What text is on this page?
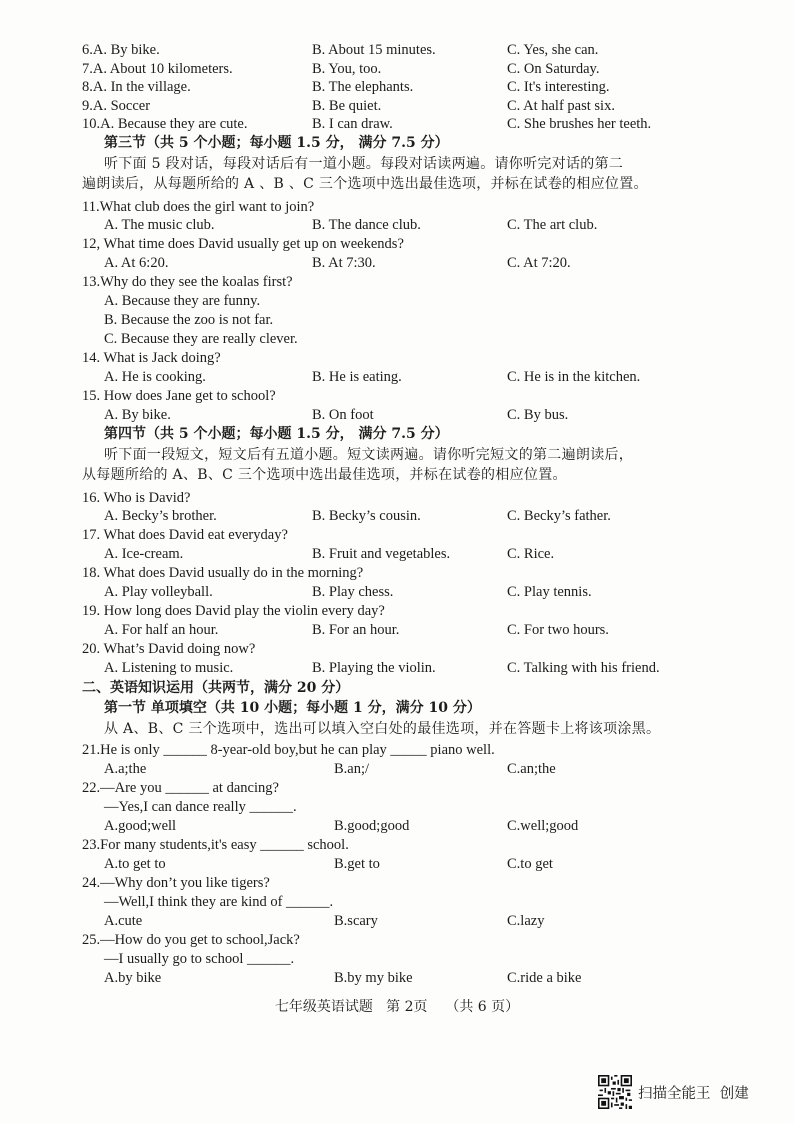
6.A. By bike.	B. About 15 minutes.	C. Yes, she can.
7.A. About 10 kilometers.	B. You, too.	C. On Saturday.
8.A. In the village.	B. The elephants.	C. It's interesting.
9.A. Soccer	B. Be quiet.	C. At half past six.
10.A. Because they are cute.	B. I can draw.	C. She brushes her teeth.
第三节（共 5 个小题；每小题 1.5 分， 满分 7.5 分）
听下面 5 段对话，每段对话后有一道小题。每段对话读两遍。请你听完对话的第二
遍朗读后，从每题所给的 A 、B 、C 三个选项中选出最佳选项，并标在试卷的相应位置。
11.What club does the girl want to join?
A. The music club.	B. The dance club.	C. The art club.
12, What time does David usually get up on weekends?
A. At 6:20.	B. At 7:30.	C. At 7:20.
13.Why do they see the koalas first?
A. Because they are funny.
B. Because the zoo is not far.
C. Because they are really clever.
14. What is Jack doing?
A. He is cooking.	B. He is eating.	C. He is in the kitchen.
15. How does Jane get to school?
A. By bike.	B. On foot	C. By bus.
第四节（共 5 个小题；每小题 1.5 分， 满分 7.5 分）
听下面一段短文，短文后有五道小题。短文读两遍。请你听完短文的第二遍朗读后，
从每题所给的 A、B、C 三个选项中选出最佳选项，并标在试卷的相应位置。
16. Who is David?
A. Becky’s brother.	B. Becky’s cousin.	C. Becky’s father.
17. What does David eat everyday?
A. Ice-cream.	B. Fruit and vegetables.	C. Rice.
18. What does David usually do in the morning?
A. Play volleyball.	B. Play chess.	C. Play tennis.
19. How long does David play the violin every day?
A. For half an hour.	B. For an hour.	C. For two hours.
20. What’s David doing now?
A. Listening to music.	B. Playing the violin.	C. Talking with his friend.
二、英语知识运用（共两节，满分 20 分）
第一节 单项填空（共 10 小题；每小题 1 分，满分 10 分）
从 A、B、C 三个选项中，选出可以填入空白处的最佳选项，并在答题卡上将该项涂黑。
21.He is only ______ 8-year-old boy,but he can play _____ piano well.
A.a;the	B.an;/	C.an;the
22.—Are you ______ at dancing?
—Yes,I can dance really ______.
A.good;well	B.good;good	C.well;good
23.For many students,it's easy ______ school.
A.to get to	B.get to	C.to get
24.—Why don’t you like tigers?
—Well,I think they are kind of ______.
A.cute	B.scary	C.lazy
25.—How do you get to school,Jack?
—I usually go to school ______.
A.by bike	B.by my bike	C.ride a bike
七年级英语试题   第 2页    （共 6 页）
扫描全能王  创建
